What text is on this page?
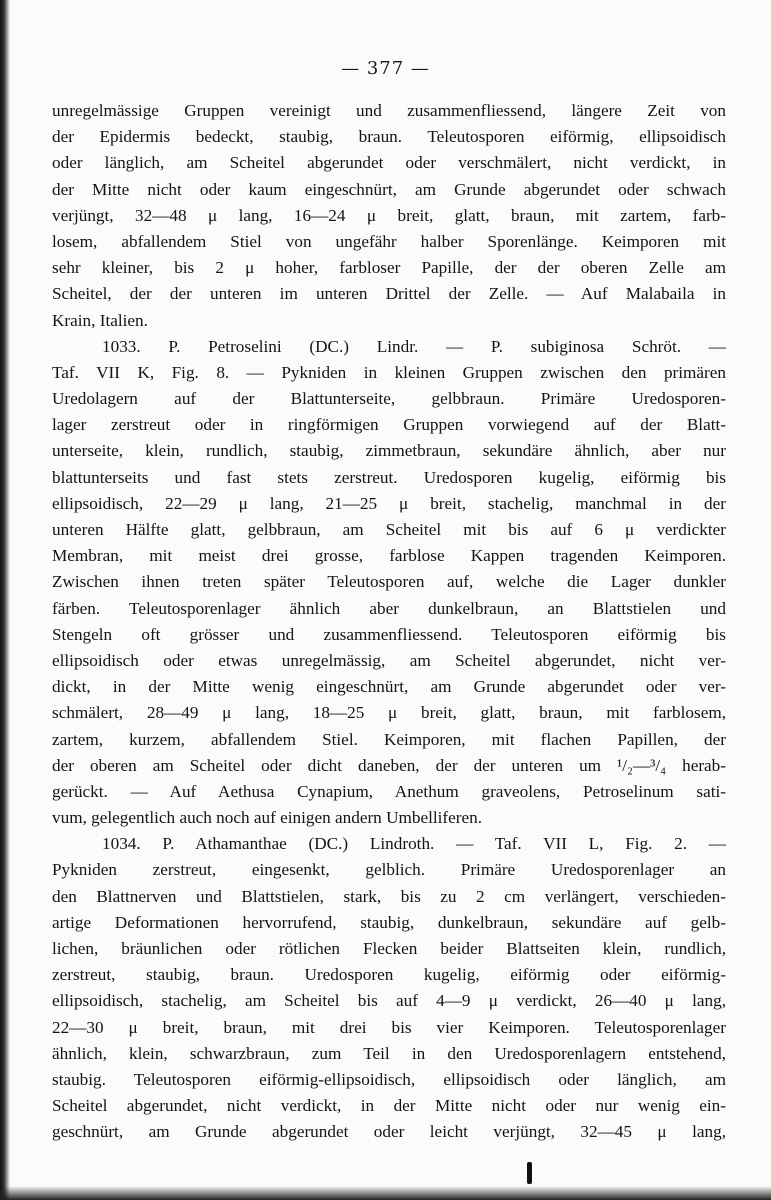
— 377 —
unregelmässige Gruppen vereinigt und zusammenfliessend, längere Zeit von
der Epidermis bedeckt, staubig, braun. Teleutosporen eiförmig, ellipsoidisch
oder länglich, am Scheitel abgerundet oder verschmälert, nicht verdickt, in
der Mitte nicht oder kaum eingeschnürt, am Grunde abgerundet oder schwach
verjüngt, 32—48 μ lang, 16—24 μ breit, glatt, braun, mit zartem, farb-
losem, abfallendem Stiel von ungefähr halber Sporenlänge. Keimporen mit
sehr kleiner, bis 2 μ hoher, farbloser Papille, der der oberen Zelle am
Scheitel, der der unteren im unteren Drittel der Zelle. — Auf Malabaila in
Krain, Italien.
1033. P. Petroselini (DC.) Lindr. — P. subiginosa Schröt. —
Taf. VII K, Fig. 8. — Pykniden in kleinen Gruppen zwischen den primären
Uredolagern auf der Blattunterseite, gelbbraun. Primäre Uredosporen-
lager zerstreut oder in ringförmigen Gruppen vorwiegend auf der Blatt-
unterseite, klein, rundlich, staubig, zimmetbraun, sekundäre ähnlich, aber nur
blattunterseits und fast stets zerstreut. Uredosporen kugelig, eiförmig bis
ellipsoidisch, 22—29 μ lang, 21—25 μ breit, stachelig, manchmal in der
unteren Hälfte glatt, gelbbraun, am Scheitel mit bis auf 6 μ verdickter
Membran, mit meist drei grosse, farblose Kappen tragenden Keimporen.
Zwischen ihnen treten später Teleutosporen auf, welche die Lager dunkler
färben. Teleutosporenlager ähnlich aber dunkelbraun, an Blattstielen und
Stengeln oft grösser und zusammenfliessend. Teleutosporen eiförmig bis
ellipsoidisch oder etwas unregelmässig, am Scheitel abgerundet, nicht ver-
dickt, in der Mitte wenig eingeschnürt, am Grunde abgerundet oder ver-
schmälert, 28—49 μ lang, 18—25 μ breit, glatt, braun, mit farblosem,
zartem, kurzem, abfallendem Stiel. Keimporen, mit flachen Papillen, der
der oberen am Scheitel oder dicht daneben, der der unteren um ¹/₂—³/₄ herab-
gerückt. — Auf Aethusa Cynapium, Anethum graveolens, Petroselinum sati-
vum, gelegentlich auch noch auf einigen andern Umbelliferen.
1034. P. Athamanthae (DC.) Lindroth. — Taf. VII L, Fig. 2. —
Pykniden zerstreut, eingesenkt, gelblich. Primäre Uredosporenlager an
den Blattnerven und Blattstielen, stark, bis zu 2 cm verlängert, verschieden-
artige Deformationen hervorrufend, staubig, dunkelbraun, sekundäre auf gelb-
lichen, bräunlichen oder rötlichen Flecken beider Blattseiten klein, rundlich,
zerstreut, staubig, braun. Uredosporen kugelig, eiförmig oder eiförmig-
ellipsoidisch, stachelig, am Scheitel bis auf 4—9 μ verdickt, 26—40 μ lang,
22—30 μ breit, braun, mit drei bis vier Keimporen. Teleutosporenlager
ähnlich, klein, schwarzbraun, zum Teil in den Uredosporenlagern entstehend,
staubig. Teleutosporen eiförmig-ellipsoidisch, ellipsoidisch oder länglich, am
Scheitel abgerundet, nicht verdickt, in der Mitte nicht oder nur wenig ein-
geschnürt, am Grunde abgerundet oder leicht verjüngt, 32—45 μ lang,
